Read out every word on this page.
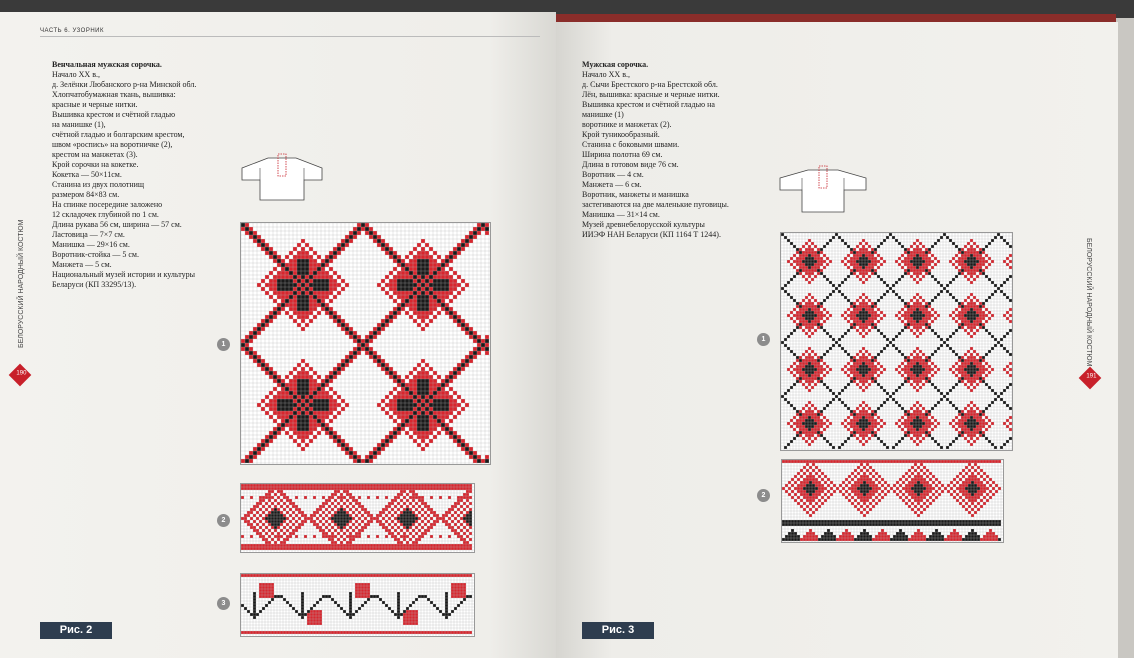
ЧАСТЬ 6. УЗОРНИК

Венчальная мужская сорочка.

Начало XX в.,

д. Зелёнки Любанского р-на Минской обл.

Хлопчатобумажная ткань, вышивка:

красные и черные нитки.

Вышивка крестом и счётной гладью

на манишке (1),

счётной гладью и болгарским крестом,

швом «роспись» на воротничке (2),

крестом на манжетах (3).

Крой сорочки на кокетке.

Кокетка — 50×11см.

Станина из двух полотнищ

размером 84×83 см.

На спинке посередине заложено

12 складочек глубиной по 1 см.

Длина рукава 56 см, ширина — 57 см.

Ластовица — 7×7 см.

Манишка — 29×16 см.

Воротник-стойка — 5 см.

Манжета — 5 см.

Национальный музей истории и культуры

Беларуси (КП 33295/13).

БЕЛОРУССКИЙ НАРОДНЫЙ КОСТЮМ
190
1
2
3
Рис. 2

Мужская сорочка.

Начало XX в.,

д. Сычи Брестского р-на Брестской обл.

Лён, вышивка: красные и черные нитки.

Вышивка крестом и счётной гладью на

манишке (1)

воротнике и манжетах (2).

Крой туникообразный.

Станина с боковыми швами.

Ширина полотна 69 см.

Длина в готовом виде 76 см.

Воротник — 4 см.

Манжета — 6 см.

Воротник, манжеты и манишка

застегиваются на две маленькие пуговицы.

Манишка — 31×14 см.

Музей древнебелорусской культуры

ИИЭФ НАН Беларуси (КП 1164 Т 1244).

БЕЛОРУССКИЙ НАРОДНЫЙ КОСТЮМ
191
1
2
Рис. 3
